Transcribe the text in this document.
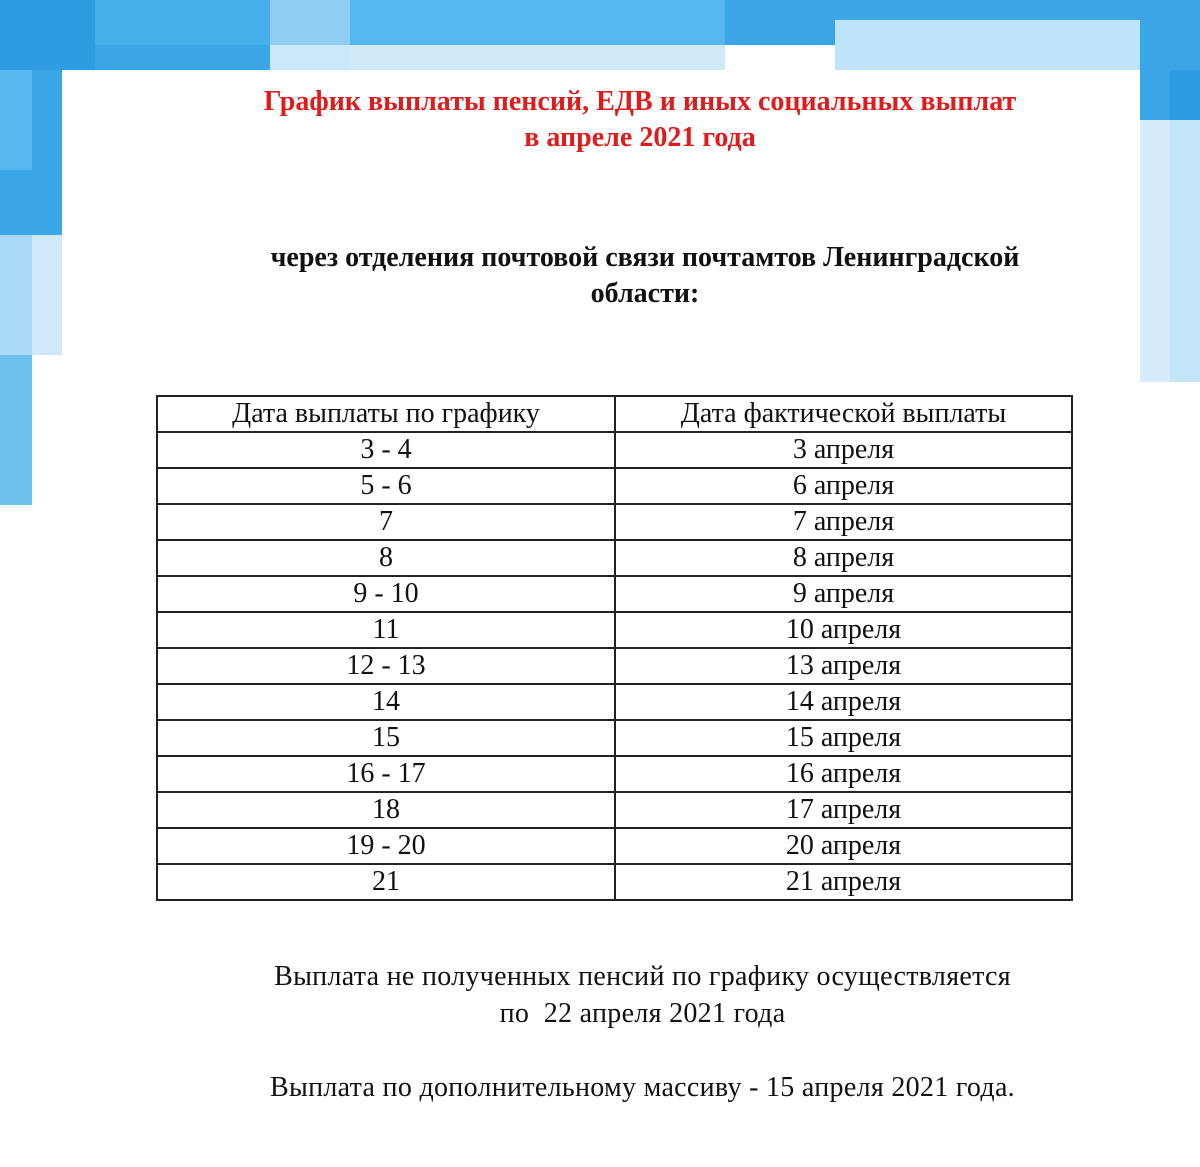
График выплаты пенсий, ЕДВ и иных социальных выплат
в апреле 2021 года
через отделения почтовой связи почтамтов Ленинградской
области:
Дата выплаты по графику	Дата фактической выплаты
3 - 4	3 апреля
5 - 6	6 апреля
7	7 апреля
8	8 апреля
9 - 10	9 апреля
11	10 апреля
12 - 13	13 апреля
14	14 апреля
15	15 апреля
16 - 17	16 апреля
18	17 апреля
19 - 20	20 апреля
21	21 апреля
Выплата не полученных пенсий по графику осуществляется
по  22 апреля 2021 года
Выплата по дополнительному массиву - 15 апреля 2021 года.
